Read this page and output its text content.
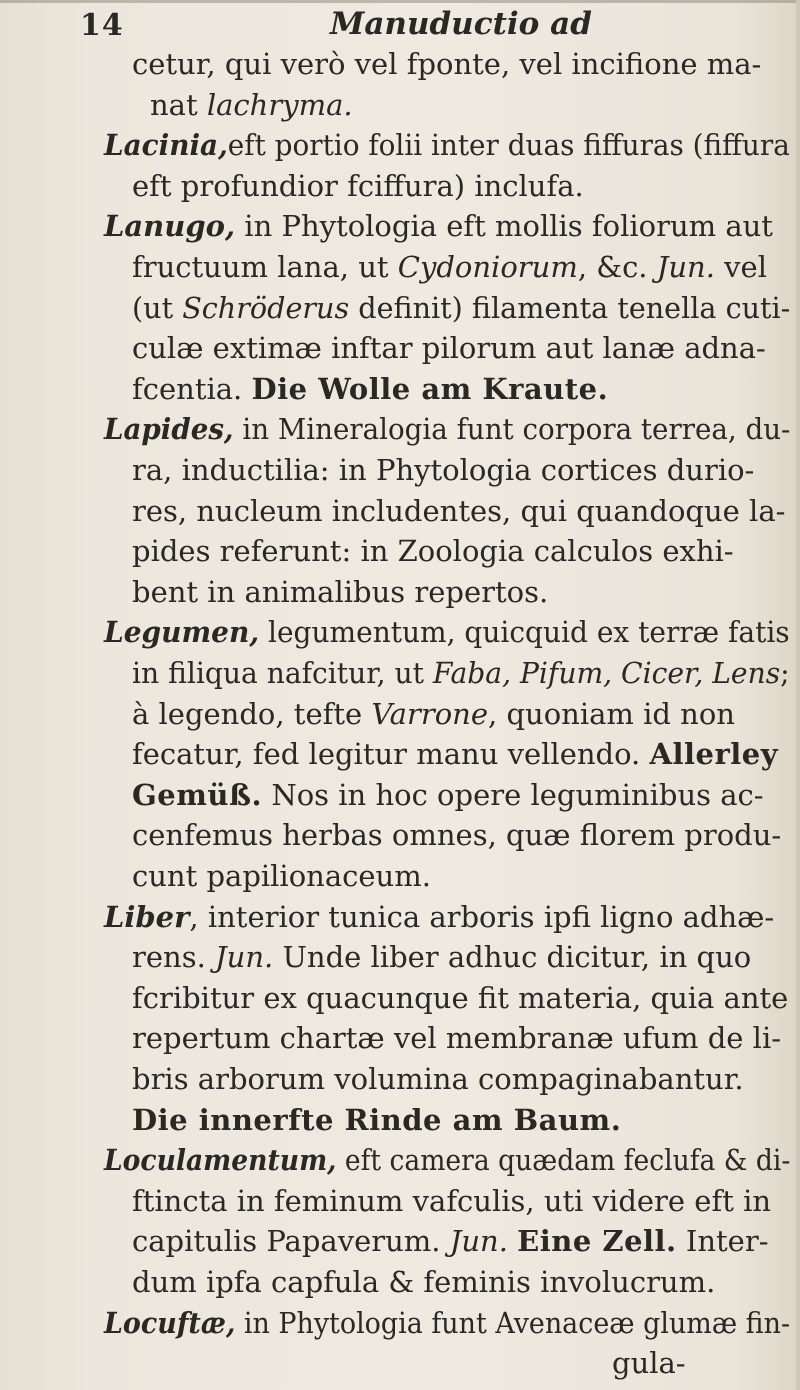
14	Manuductio ad
cetur, qui verò vel fponte, vel incifione ma-
nat lachryma.
Lacinia,eft portio folii inter duas fiffuras (fiffura
eft profundior fciffura) inclufa.
Lanugo, in Phytologia eft mollis foliorum aut
fructuum lana, ut Cydoniorum, &c. Jun. vel
(ut Schröderus definit) filamenta tenella cuti-
culæ extimæ inftar pilorum aut lanæ adna-
fcentia. Die Wolle am Kraute.
Lapides, in Mineralogia funt corpora terrea, du-
ra, inductilia: in Phytologia cortices durio-
res, nucleum includentes, qui quandoque la-
pides referunt: in Zoologia calculos exhi-
bent in animalibus repertos.
Legumen, legumentum, quicquid ex terræ fatis
in filiqua nafcitur, ut Faba, Pifum, Cicer, Lens;
à legendo, tefte Varrone, quoniam id non
fecatur, fed legitur manu vellendo. Allerley
Gemüß. Nos in hoc opere leguminibus ac-
cenfemus herbas omnes, quæ florem produ-
cunt papilionaceum.
Liber, interior tunica arboris ipfi ligno adhæ-
rens. Jun. Unde liber adhuc dicitur, in quo
fcribitur ex quacunque fit materia, quia ante
repertum chartæ vel membranæ ufum de li-
bris arborum volumina compaginabantur.
Die innerfte Rinde am Baum.
Loculamentum, eft camera quædam feclufa & di-
ftincta in feminum vafculis, uti videre eft in
capitulis Papaverum. Jun. Eine Zell. Inter-
dum ipfa capfula & feminis involucrum.
Locuftæ, in Phytologia funt Avenaceæ glumæ fin-
gula-
